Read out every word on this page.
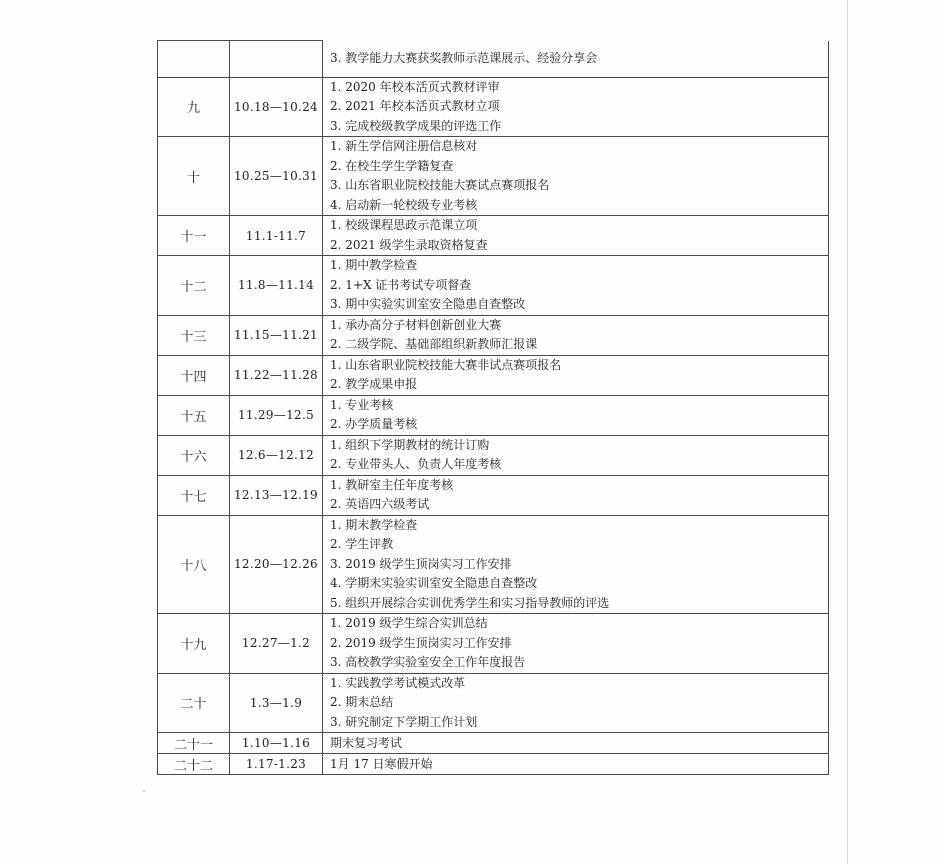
		3. 教学能力大赛获奖教师示范课展示、经验分享会

九	10.18—10.24	1. 2020 年校本活页式教材评审
2. 2021 年校本活页式教材立项
3. 完成校级教学成果的评选工作

十	10.25—10.31	1. 新生学信网注册信息核对
2. 在校生学生学籍复查
3. 山东省职业院校技能大赛试点赛项报名
4. 启动新一轮校级专业考核

十一	11.1-11.7	1. 校级课程思政示范课立项
2. 2021 级学生录取资格复查

十二	11.8—11.14	1. 期中教学检查
2. 1+X 证书考试专项督查
3. 期中实验实训室安全隐患自查整改

十三	11.15—11.21	1. 承办高分子材料创新创业大赛
2. 二级学院、基础部组织新教师汇报课

十四	11.22—11.28	1. 山东省职业院校技能大赛非试点赛项报名
2. 教学成果申报

十五	11.29—12.5	1. 专业考核
2. 办学质量考核

十六	12.6—12.12	1. 组织下学期教材的统计订购
2. 专业带头人、负责人年度考核

十七	12.13—12.19	1. 教研室主任年度考核
2. 英语四六级考试

十八	12.20—12.26	1. 期末教学检查
2. 学生评教
3. 2019 级学生顶岗实习工作安排
4. 学期末实验实训室安全隐患自查整改
5. 组织开展综合实训优秀学生和实习指导教师的评选

十九	12.27—1.2	1. 2019 级学生综合实训总结
2. 2019 级学生顶岗实习工作安排
3. 高校教学实验室安全工作年度报告

二十	1.3—1.9	1. 实践教学考试模式改革
2. 期末总结
3. 研究制定下学期工作计划

二十一	1.10—1.16	期末复习考试

二十二	1.17-1.23	1月 17 日寒假开始
